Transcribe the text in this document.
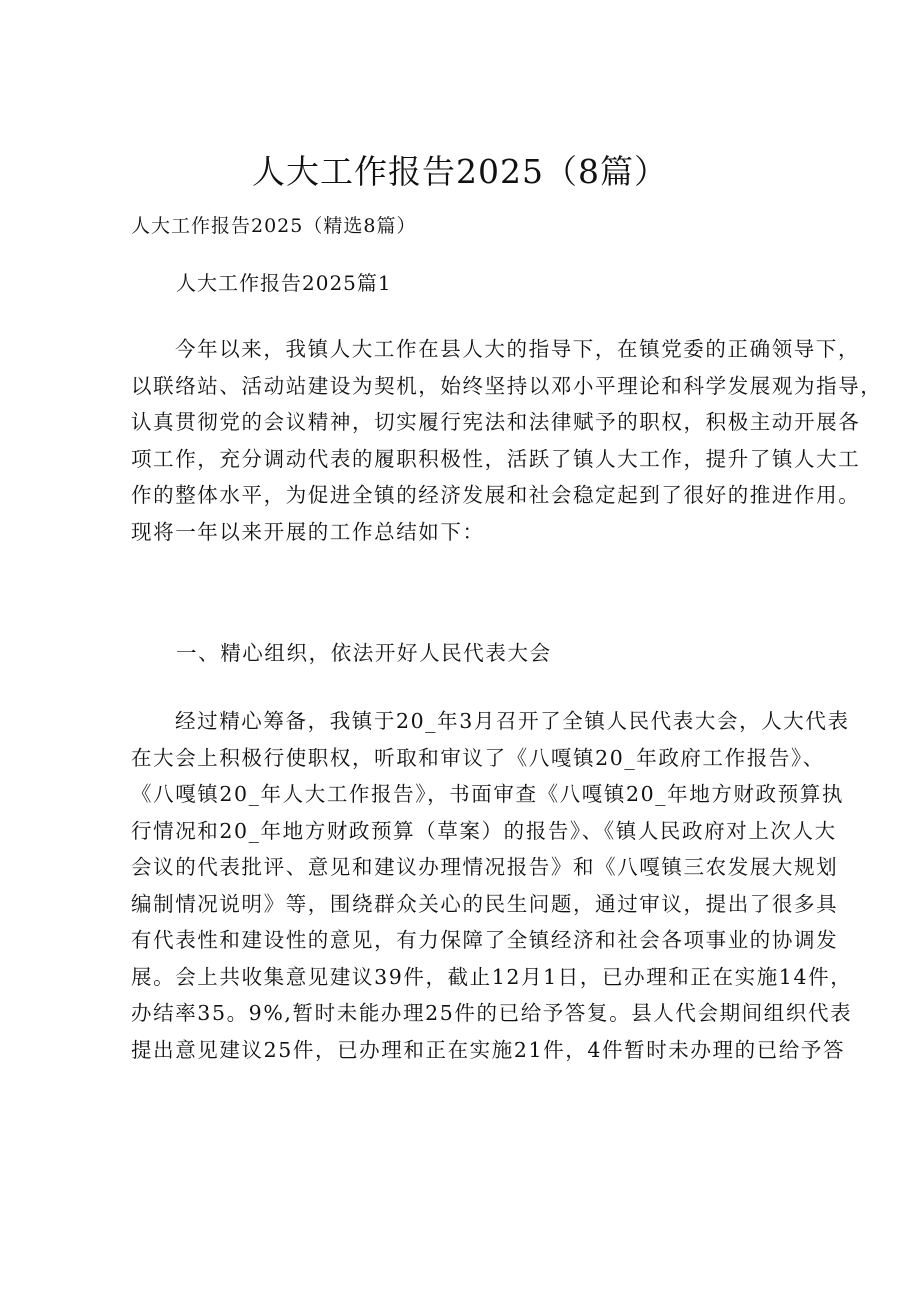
人大工作报告2025（8篇）
人大工作报告2025（精选8篇）
人大工作报告2025篇1
今年以来，我镇人大工作在县人大的指导下，在镇党委的正确领导下，
以联络站、活动站建设为契机，始终坚持以邓小平理论和科学发展观为指导，
认真贯彻党的会议精神，切实履行宪法和法律赋予的职权，积极主动开展各
项工作，充分调动代表的履职积极性，活跃了镇人大工作，提升了镇人大工
作的整体水平，为促进全镇的经济发展和社会稳定起到了很好的推进作用。
现将一年以来开展的工作总结如下：
一、精心组织，依法开好人民代表大会
经过精心筹备，我镇于20_年3月召开了全镇人民代表大会，人大代表
在大会上积极行使职权，听取和审议了《八嘎镇20_年政府工作报告》、
《八嘎镇20_年人大工作报告》，书面审查《八嘎镇20_年地方财政预算执
行情况和20_年地方财政预算（草案）的报告》、《镇人民政府对上次人大
会议的代表批评、意见和建议办理情况报告》和《八嘎镇三农发展大规划
编制情况说明》等，围绕群众关心的民生问题，通过审议，提出了很多具
有代表性和建设性的意见，有力保障了全镇经济和社会各项事业的协调发
展。会上共收集意见建议39件，截止12月1日，已办理和正在实施14件，
办结率35。9%,暂时未能办理25件的已给予答复。县人代会期间组织代表
提出意见建议25件，已办理和正在实施21件，4件暂时未办理的已给予答
